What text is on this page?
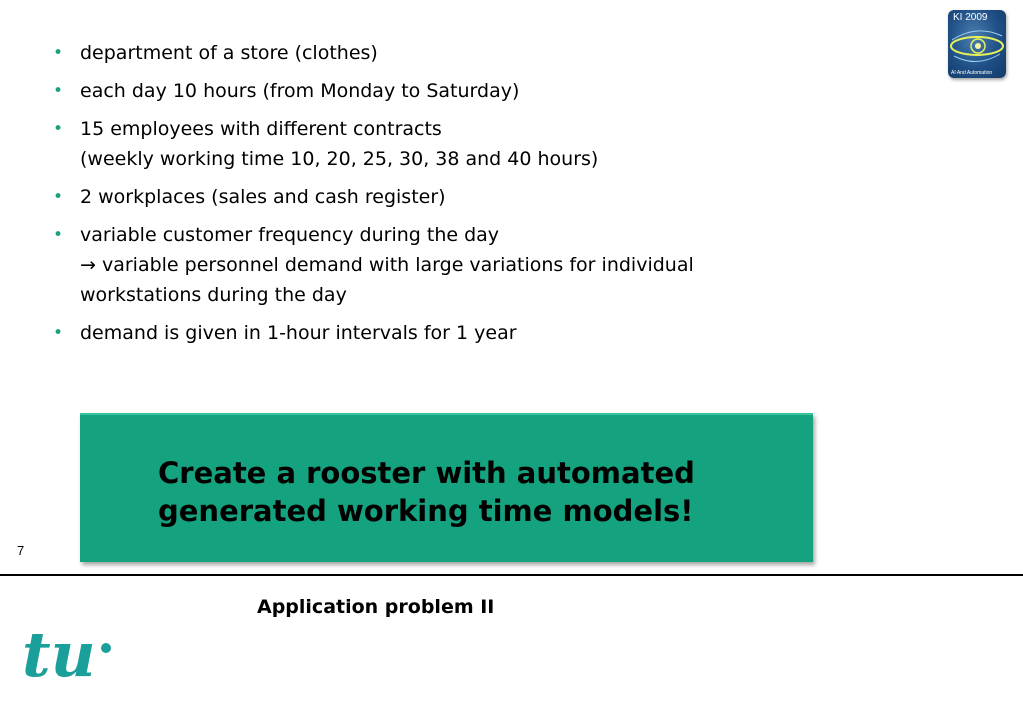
• department of a store (clothes)
• each day 10 hours (from Monday to Saturday)
• 15 employees with different contracts
(weekly working time 10, 20, 25, 30, 38 and 40 hours)
• 2 workplaces (sales and cash register)
• variable customer frequency during the day
→ variable personnel demand with large variations for individual
workstations during the day
• demand is given in 1-hour intervals for 1 year
KI 2009
AI And Automation

Create a rooster with automated
generated working time models!

7
Application problem II
tu
